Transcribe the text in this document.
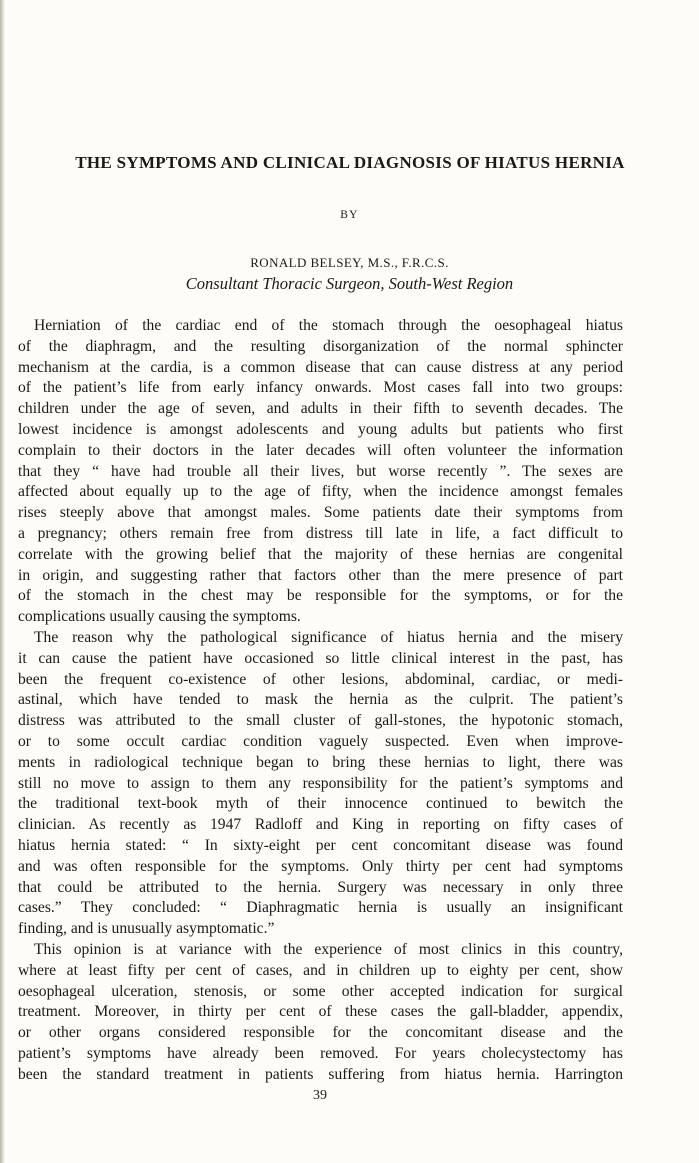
THE SYMPTOMS AND CLINICAL DIAGNOSIS OF HIATUS HERNIA
BY
RONALD BELSEY, M.S., F.R.C.S.
Consultant Thoracic Surgeon, South-West Region
Herniation of the cardiac end of the stomach through the oesophageal hiatus
of the diaphragm, and the resulting disorganization of the normal sphincter
mechanism at the cardia, is a common disease that can cause distress at any period
of the patient’s life from early infancy onwards. Most cases fall into two groups:
children under the age of seven, and adults in their fifth to seventh decades. The
lowest incidence is amongst adolescents and young adults but patients who first
complain to their doctors in the later decades will often volunteer the information
that they “ have had trouble all their lives, but worse recently ”. The sexes are
affected about equally up to the age of fifty, when the incidence amongst females
rises steeply above that amongst males. Some patients date their symptoms from
a pregnancy; others remain free from distress till late in life, a fact difficult to
correlate with the growing belief that the majority of these hernias are congenital
in origin, and suggesting rather that factors other than the mere presence of part
of the stomach in the chest may be responsible for the symptoms, or for the
complications usually causing the symptoms.
The reason why the pathological significance of hiatus hernia and the misery
it can cause the patient have occasioned so little clinical interest in the past, has
been the frequent co-existence of other lesions, abdominal, cardiac, or medi-
astinal, which have tended to mask the hernia as the culprit. The patient’s
distress was attributed to the small cluster of gall-stones, the hypotonic stomach,
or to some occult cardiac condition vaguely suspected. Even when improve-
ments in radiological technique began to bring these hernias to light, there was
still no move to assign to them any responsibility for the patient’s symptoms and
the traditional text-book myth of their innocence continued to bewitch the
clinician. As recently as 1947 Radloff and King in reporting on fifty cases of
hiatus hernia stated: “ In sixty-eight per cent concomitant disease was found
and was often responsible for the symptoms. Only thirty per cent had symptoms
that could be attributed to the hernia. Surgery was necessary in only three
cases.” They concluded: “ Diaphragmatic hernia is usually an insignificant
finding, and is unusually asymptomatic.”
This opinion is at variance with the experience of most clinics in this country,
where at least fifty per cent of cases, and in children up to eighty per cent, show
oesophageal ulceration, stenosis, or some other accepted indication for surgical
treatment. Moreover, in thirty per cent of these cases the gall-bladder, appendix,
or other organs considered responsible for the concomitant disease and the
patient’s symptoms have already been removed. For years cholecystectomy has
been the standard treatment in patients suffering from hiatus hernia. Harrington
39
